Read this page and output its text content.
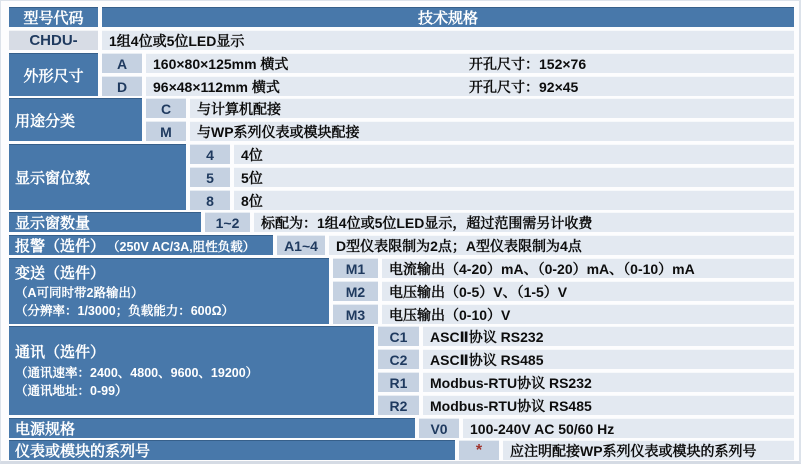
型号代码	技术规格
CHDU-	1组4位或5位LED显示
外形尺寸
A	160×80×125mm 横式	开孔尺寸：152×76
D	96×48×112mm 横式	开孔尺寸：92×45
用途分类
C	与计算机配接
M	与WP系列仪表或模块配接
显示窗位数
4	4位
5	5位
8	8位
显示窗数量	1~2	标配为：1组4位或5位LED显示，超过范围需另计收费
报警（选件） （250V AC/3A,阻性负载）	A1~4	D型仪表限制为2点；A型仪表限制为4点
变送（选件）
（A可同时带2路输出）
（分辨率：1/3000；负载能力：600Ω）
M1	电流输出（4-20）mA、（0-20）mA、（0-10）mA
M2	电压输出（0-5）V、（1-5）V
M3	电压输出（0-10）V
通讯（选件）
（通讯速率：2400、4800、9600、19200）
（通讯地址：0-99）
C1	ASCⅡ协议 RS232
C2	ASCⅡ协议 RS485
R1	Modbus-RTU协议 RS232
R2	Modbus-RTU协议 RS485
电源规格	V0	100-240V AC 50/60 Hz
仪表或模块的系列号	*	应注明配接WP系列仪表或模块的系列号
